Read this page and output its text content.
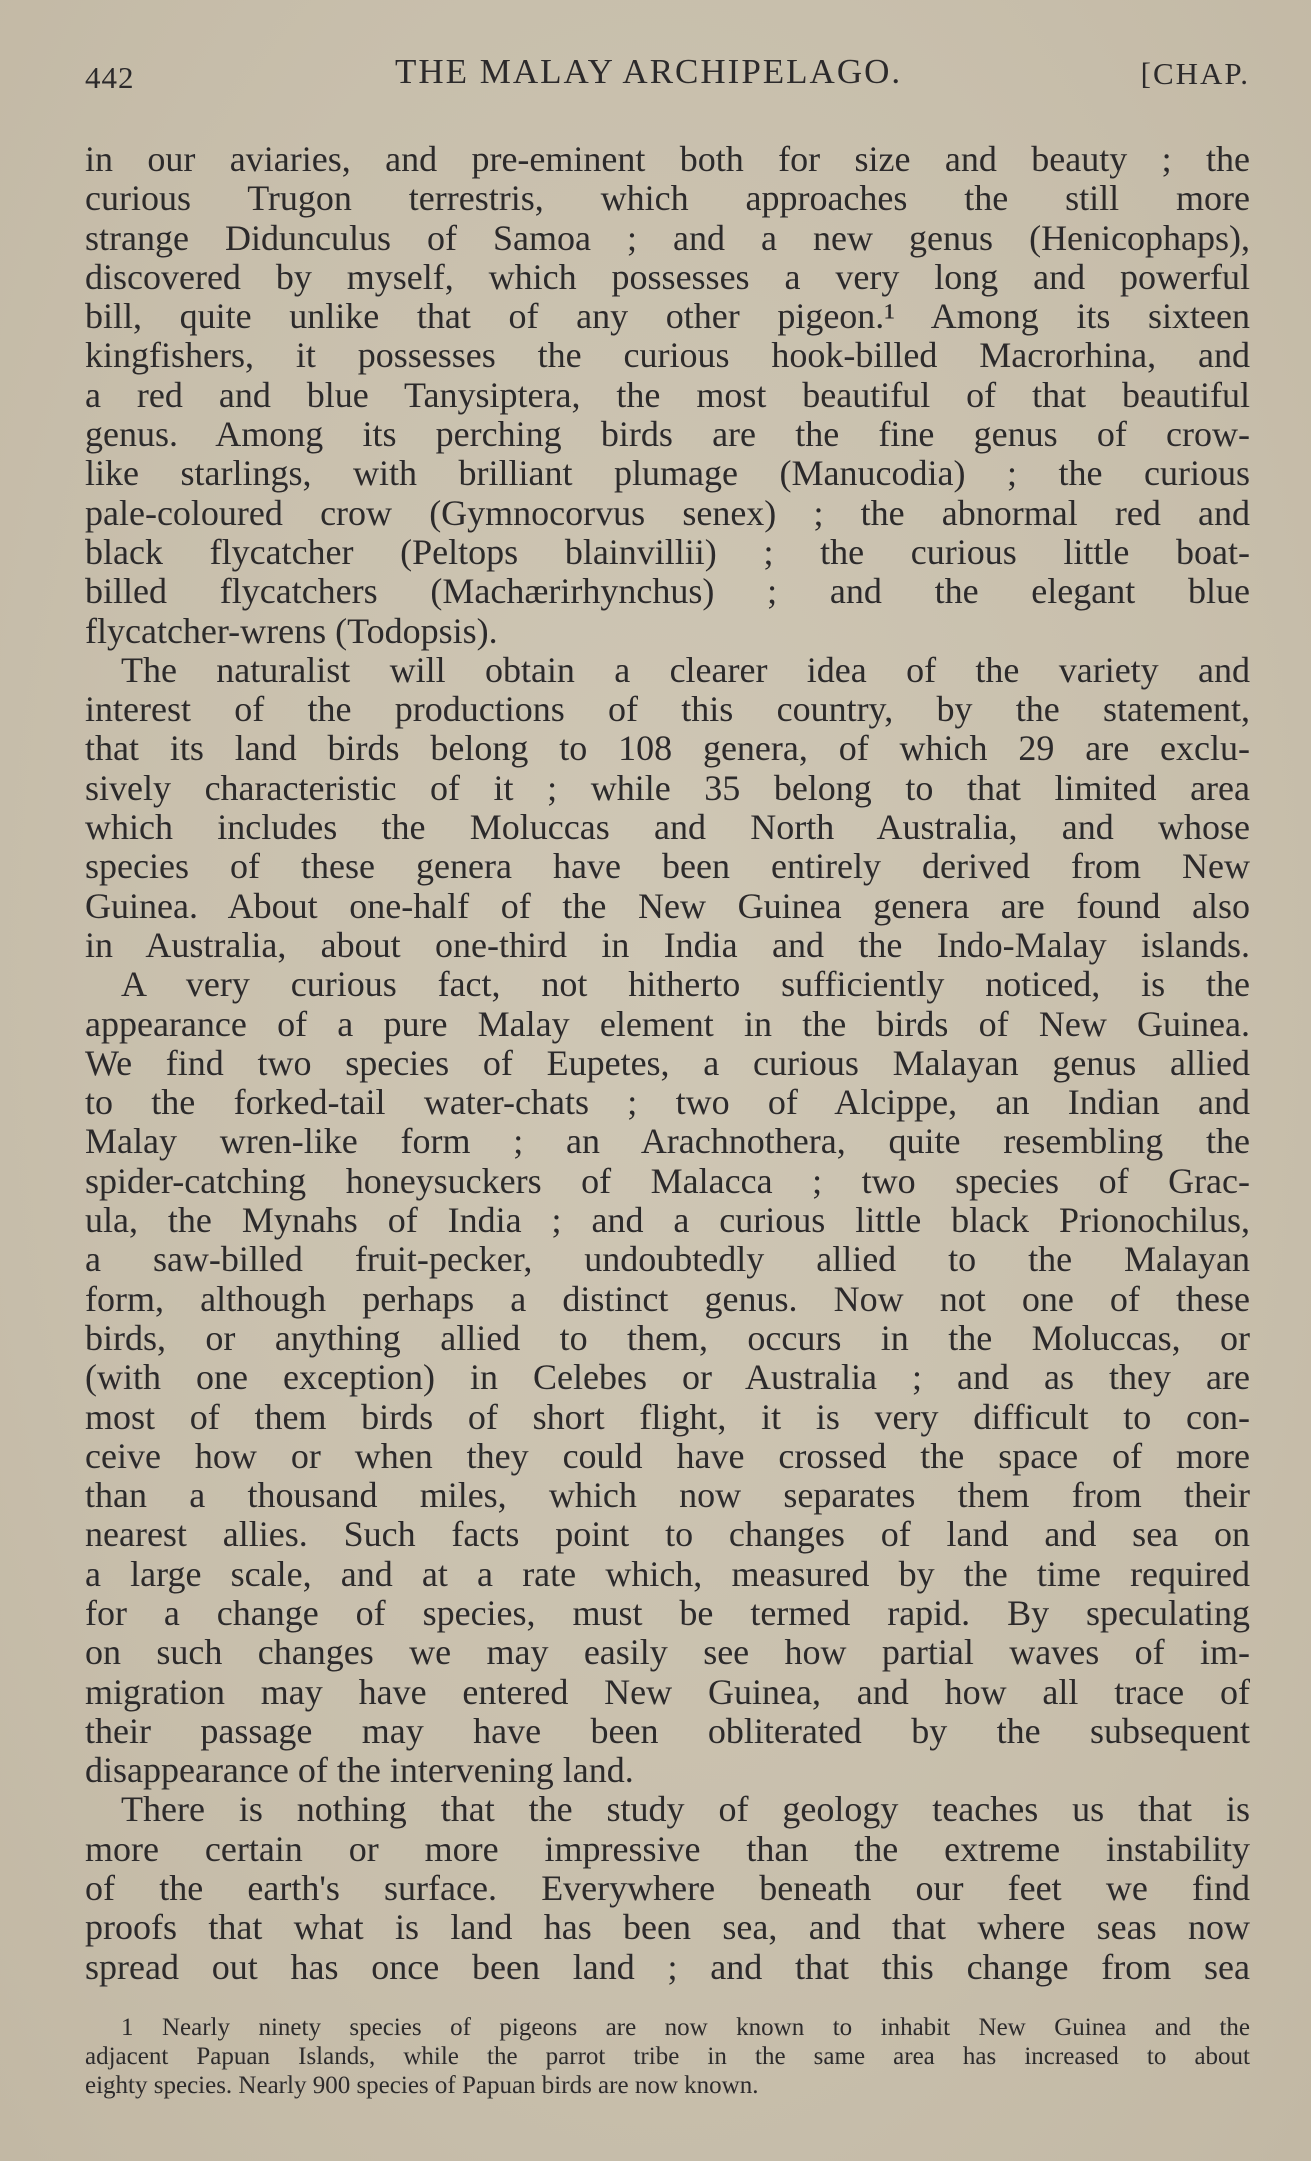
442	THE MALAY ARCHIPELAGO.	[CHAP.
in our aviaries, and pre-eminent both for size and beauty ; the
curious Trugon terrestris, which approaches the still more
strange Didunculus of Samoa ; and a new genus (Henicophaps),
discovered by myself, which possesses a very long and powerful
bill, quite unlike that of any other pigeon.¹ Among its sixteen
kingfishers, it possesses the curious hook-billed Macrorhina, and
a red and blue Tanysiptera, the most beautiful of that beautiful
genus. Among its perching birds are the fine genus of crow-
like starlings, with brilliant plumage (Manucodia) ; the curious
pale-coloured crow (Gymnocorvus senex) ; the abnormal red and
black flycatcher (Peltops blainvillii) ; the curious little boat-
billed flycatchers (Machærirhynchus) ; and the elegant blue
flycatcher-wrens (Todopsis).
The naturalist will obtain a clearer idea of the variety and
interest of the productions of this country, by the statement,
that its land birds belong to 108 genera, of which 29 are exclu-
sively characteristic of it ; while 35 belong to that limited area
which includes the Moluccas and North Australia, and whose
species of these genera have been entirely derived from New
Guinea. About one-half of the New Guinea genera are found also
in Australia, about one-third in India and the Indo-Malay islands.
A very curious fact, not hitherto sufficiently noticed, is the
appearance of a pure Malay element in the birds of New Guinea.
We find two species of Eupetes, a curious Malayan genus allied
to the forked-tail water-chats ; two of Alcippe, an Indian and
Malay wren-like form ; an Arachnothera, quite resembling the
spider-catching honeysuckers of Malacca ; two species of Grac-
ula, the Mynahs of India ; and a curious little black Prionochilus,
a saw-billed fruit-pecker, undoubtedly allied to the Malayan
form, although perhaps a distinct genus. Now not one of these
birds, or anything allied to them, occurs in the Moluccas, or
(with one exception) in Celebes or Australia ; and as they are
most of them birds of short flight, it is very difficult to con-
ceive how or when they could have crossed the space of more
than a thousand miles, which now separates them from their
nearest allies. Such facts point to changes of land and sea on
a large scale, and at a rate which, measured by the time required
for a change of species, must be termed rapid. By speculating
on such changes we may easily see how partial waves of im-
migration may have entered New Guinea, and how all trace of
their passage may have been obliterated by the subsequent
disappearance of the intervening land.
There is nothing that the study of geology teaches us that is
more certain or more impressive than the extreme instability
of the earth's surface. Everywhere beneath our feet we find
proofs that what is land has been sea, and that where seas now
spread out has once been land ; and that this change from sea
1 Nearly ninety species of pigeons are now known to inhabit New Guinea and the
adjacent Papuan Islands, while the parrot tribe in the same area has increased to about
eighty species. Nearly 900 species of Papuan birds are now known.
